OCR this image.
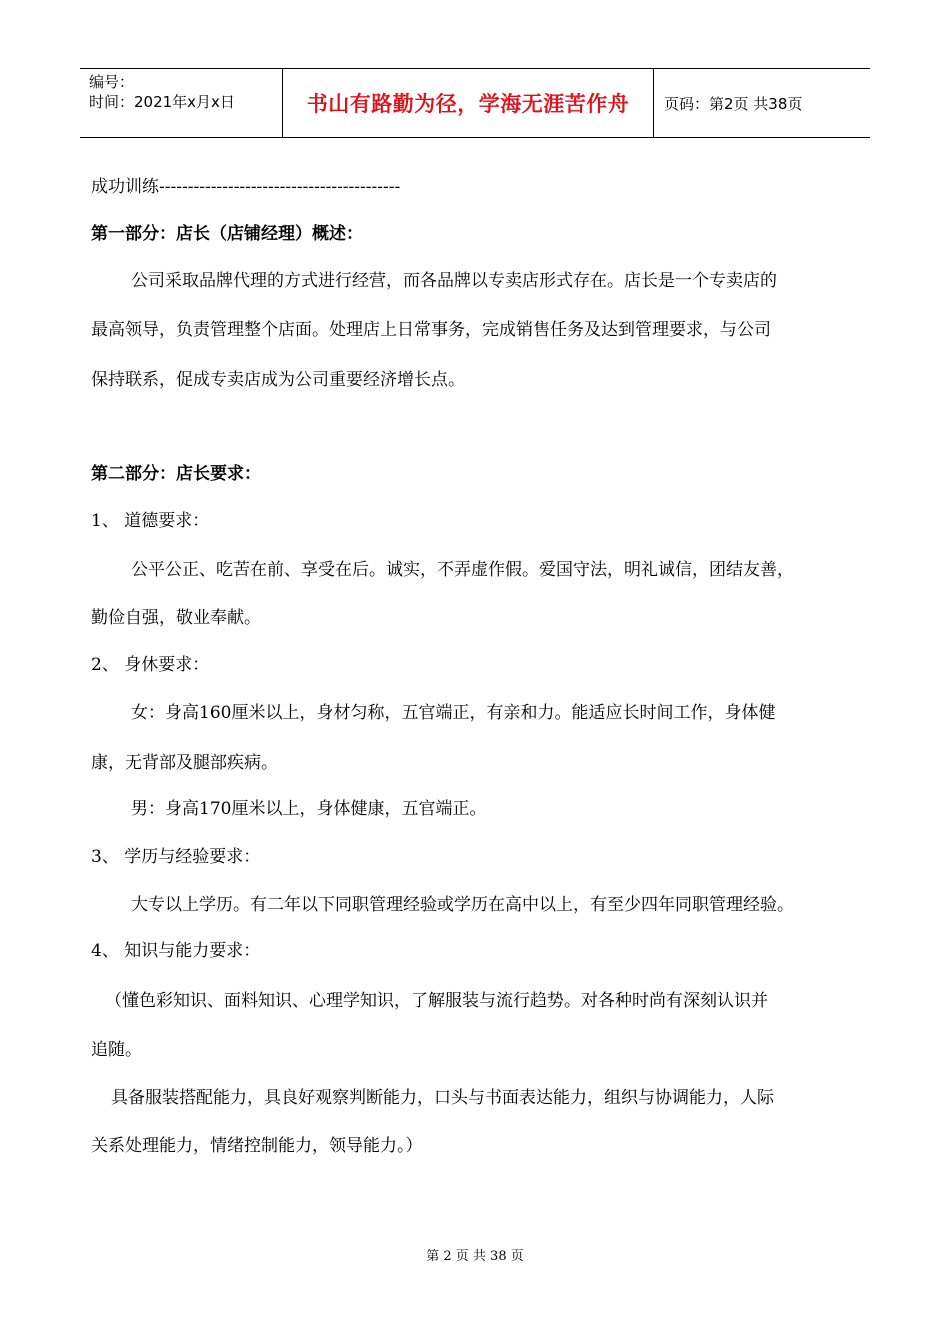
编号：
时间：2021年x月x日	书山有路勤为径，学海无涯苦作舟 页码：第2页 共38页
成功训练------------------------------------------
第一部分：店长（店铺经理）概述：
公司采取品牌代理的方式进行经营，而各品牌以专卖店形式存在。店长是一个专卖店的
最高领导，负责管理整个店面。处理店上日常事务，完成销售任务及达到管理要求，与公司
保持联系，促成专卖店成为公司重要经济增长点。
第二部分：店长要求：
1、 道德要求：
公平公正、吃苦在前、享受在后。诚实，不弄虚作假。爱国守法，明礼诚信，团结友善，
勤俭自强，敬业奉献。
2、 身休要求：
女：身高160厘米以上，身材匀称，五官端正，有亲和力。能适应长时间工作，身体健
康，无背部及腿部疾病。
男：身高170厘米以上，身体健康，五官端正。
3、 学历与经验要求：
大专以上学历。有二年以下同职管理经验或学历在高中以上，有至少四年同职管理经验。
4、 知识与能力要求：
（懂色彩知识、面料知识、心理学知识，了解服装与流行趋势。对各种时尚有深刻认识并
追随。
具备服装搭配能力，具良好观察判断能力，口头与书面表达能力，组织与协调能力，人际
关系处理能力，情绪控制能力，领导能力。）
第 2 页 共 38 页
